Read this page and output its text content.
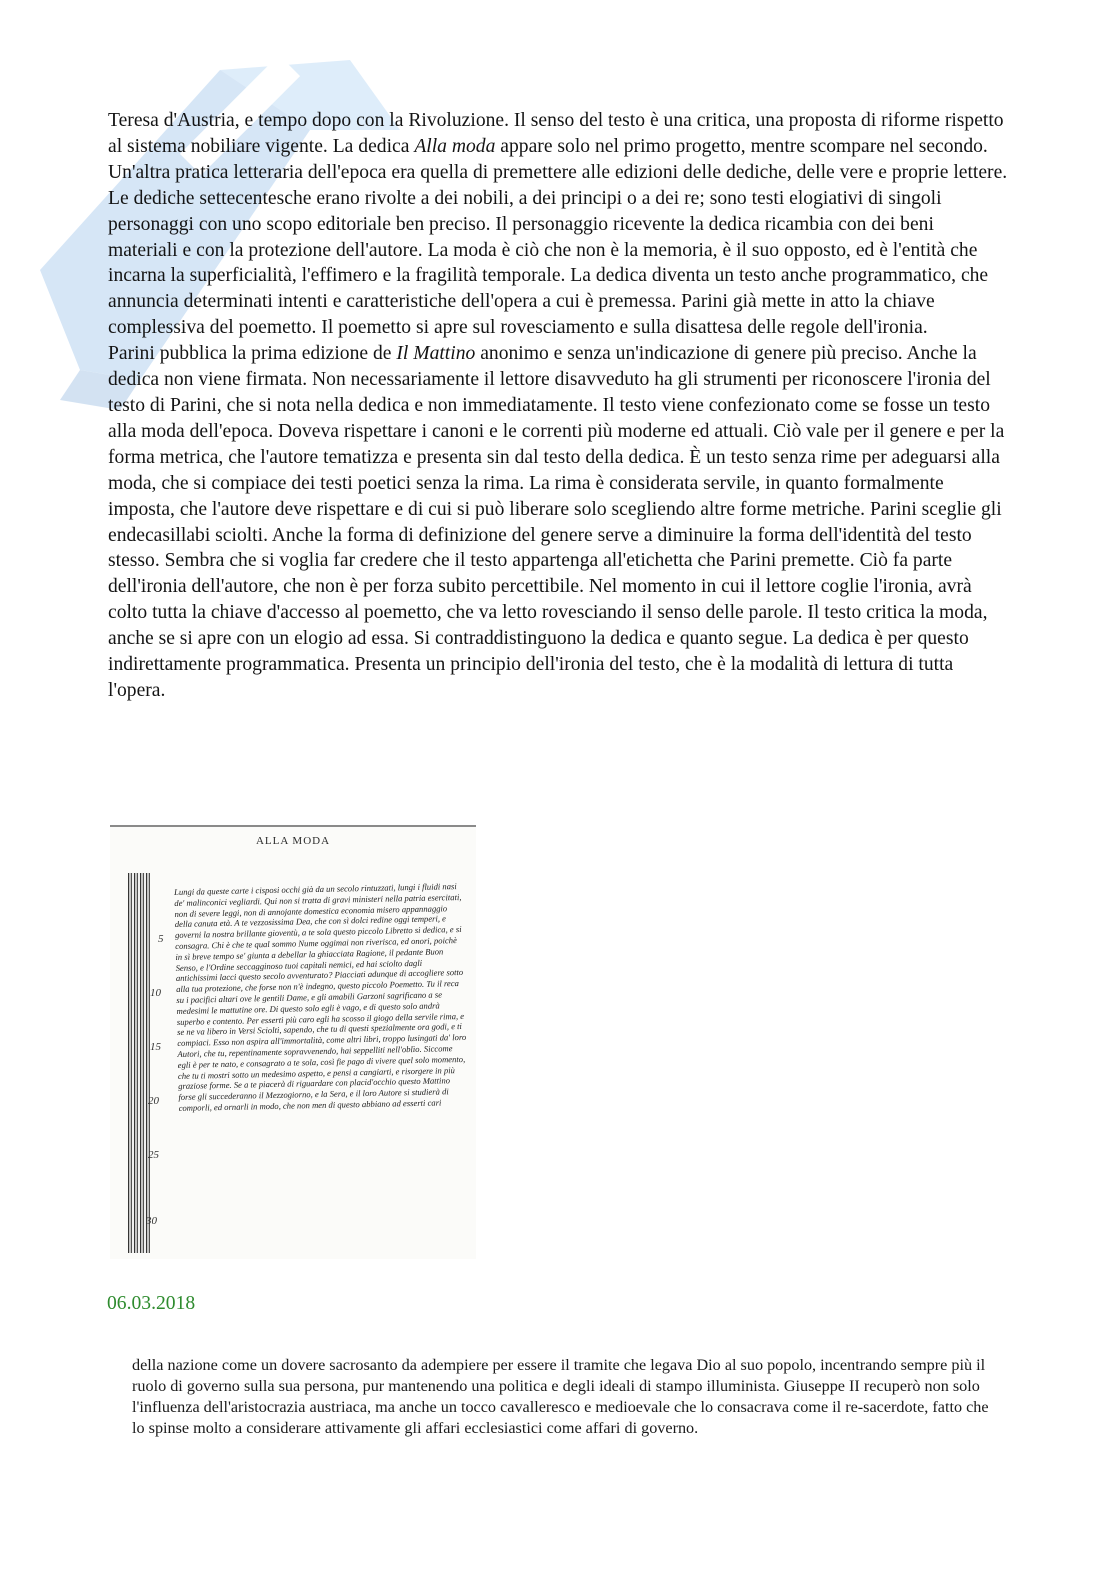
Teresa d'Austria, e tempo dopo con la Rivoluzione. Il senso del testo è una critica, una proposta di riforme rispetto al sistema nobiliare vigente. La dedica Alla moda appare solo nel primo progetto, mentre scompare nel secondo. Un'altra pratica letteraria dell'epoca era quella di premettere alle edizioni delle dediche, delle vere e proprie lettere. Le dediche settecentesche erano rivolte a dei nobili, a dei principi o a dei re; sono testi elogiativi di singoli personaggi con uno scopo editoriale ben preciso. Il personaggio ricevente la dedica ricambia con dei beni materiali e con la protezione dell'autore. La moda è ciò che non è la memoria, è il suo opposto, ed è l'entità che incarna la superficialità, l'effimero e la fragilità temporale. La dedica diventa un testo anche programmatico, che annuncia determinati intenti e caratteristiche dell'opera a cui è premessa. Parini già mette in atto la chiave complessiva del poemetto. Il poemetto si apre sul rovesciamento e sulla disattesa delle regole dell'ironia.

Parini pubblica la prima edizione de Il Mattino anonimo e senza un'indicazione di genere più preciso. Anche la dedica non viene firmata. Non necessariamente il lettore disavveduto ha gli strumenti per riconoscere l'ironia del testo di Parini, che si nota nella dedica e non immediatamente. Il testo viene confezionato come se fosse un testo alla moda dell'epoca. Doveva rispettare i canoni e le correnti più moderne ed attuali. Ciò vale per il genere e per la forma metrica, che l'autore tematizza e presenta sin dal testo della dedica. È un testo senza rime per adeguarsi alla moda, che si compiace dei testi poetici senza la rima. La rima è considerata servile, in quanto formalmente imposta, che l'autore deve rispettare e di cui si può liberare solo scegliendo altre forme metriche. Parini sceglie gli endecasillabi sciolti. Anche la forma di definizione del genere serve a diminuire la forma dell'identità del testo stesso. Sembra che si voglia far credere che il testo appartenga all'etichetta che Parini premette. Ciò fa parte dell'ironia dell'autore, che non è per forza subito percettibile. Nel momento in cui il lettore coglie l'ironia, avrà colto tutta la chiave d'accesso al poemetto, che va letto rovesciando il senso delle parole. Il testo critica la moda, anche se si apre con un elogio ad essa. Si contraddistinguono la dedica e quanto segue. La dedica è per questo indirettamente programmatica. Presenta un principio dell'ironia del testo, che è la modalità di lettura di tutta l'opera.

ALLA MODA
Lungi da queste carte i cisposi occhi già da un secolo rintuzzati, lungi i fluidi nasi de' malinconici vegliardi. Qui non si tratta di gravi ministeri nella patria esercitati, non di severe leggi, non di annojante domestica economia misero appannaggio della canuta età. A te vezzosissima Dea, che con sì dolci redine oggi temperi, e governi la nostra brillante gioventù, a te sola questo piccolo Libretto si dedica, e si consagra. Chi è che te qual sommo Nume oggimai non riverisca, ed onori, poichè in sì breve tempo se' giunta a debellar la ghiacciata Ragione, il pedante Buon Senso, e l'Ordine seccagginoso tuoi capitali nemici, ed hai sciolto dagli antichissimi lacci questo secolo avventurato? Piacciati adunque di accogliere sotto alla tua protezione, che forse non n'è indegno, questo piccolo Poemetto. Tu il reca su i pacifici altari ove le gentili Dame, e gli amabili Garzoni sagrificano a se medesimi le mattutine ore. Di questo solo egli è vago, e di questo solo andrà superbo e contento. Per esserti più caro egli ha scosso il giogo della servile rima, e se ne va libero in Versi Sciolti, sapendo, che tu di questi spezialmente ora godi, e ti compiaci. Esso non aspira all'immortalità, come altri libri, troppo lusingati da' loro Autori, che tu, repentinamente sopravvenendo, hai seppelliti nell'oblìo. Siccome egli è per te nato, e consagrato a te sola, così fie pago di vivere quel solo momento, che tu ti mostri sotto un medesimo aspetto, e pensi a cangiarti, e risorgere in più graziose forme. Se a te piacerà di riguardare con placid'occhio questo Mattino forse gli succederanno il Mezzogiorno, e la Sera, e il loro Autore si studierà di comporli, ed ornarli in modo, che non men di questo abbiano ad esserti cari
5
10
15
20
25
30
06.03.2018
della nazione come un dovere sacrosanto da adempiere per essere il tramite che legava Dio al suo popolo, incentrando sempre più il ruolo di governo sulla sua persona, pur mantenendo una politica e degli ideali di stampo illuminista. Giuseppe II recuperò non solo l'influenza dell'aristocrazia austriaca, ma anche un tocco cavalleresco e medioevale che lo consacrava come il re-sacerdote, fatto che lo spinse molto a considerare attivamente gli affari ecclesiastici come affari di governo.
